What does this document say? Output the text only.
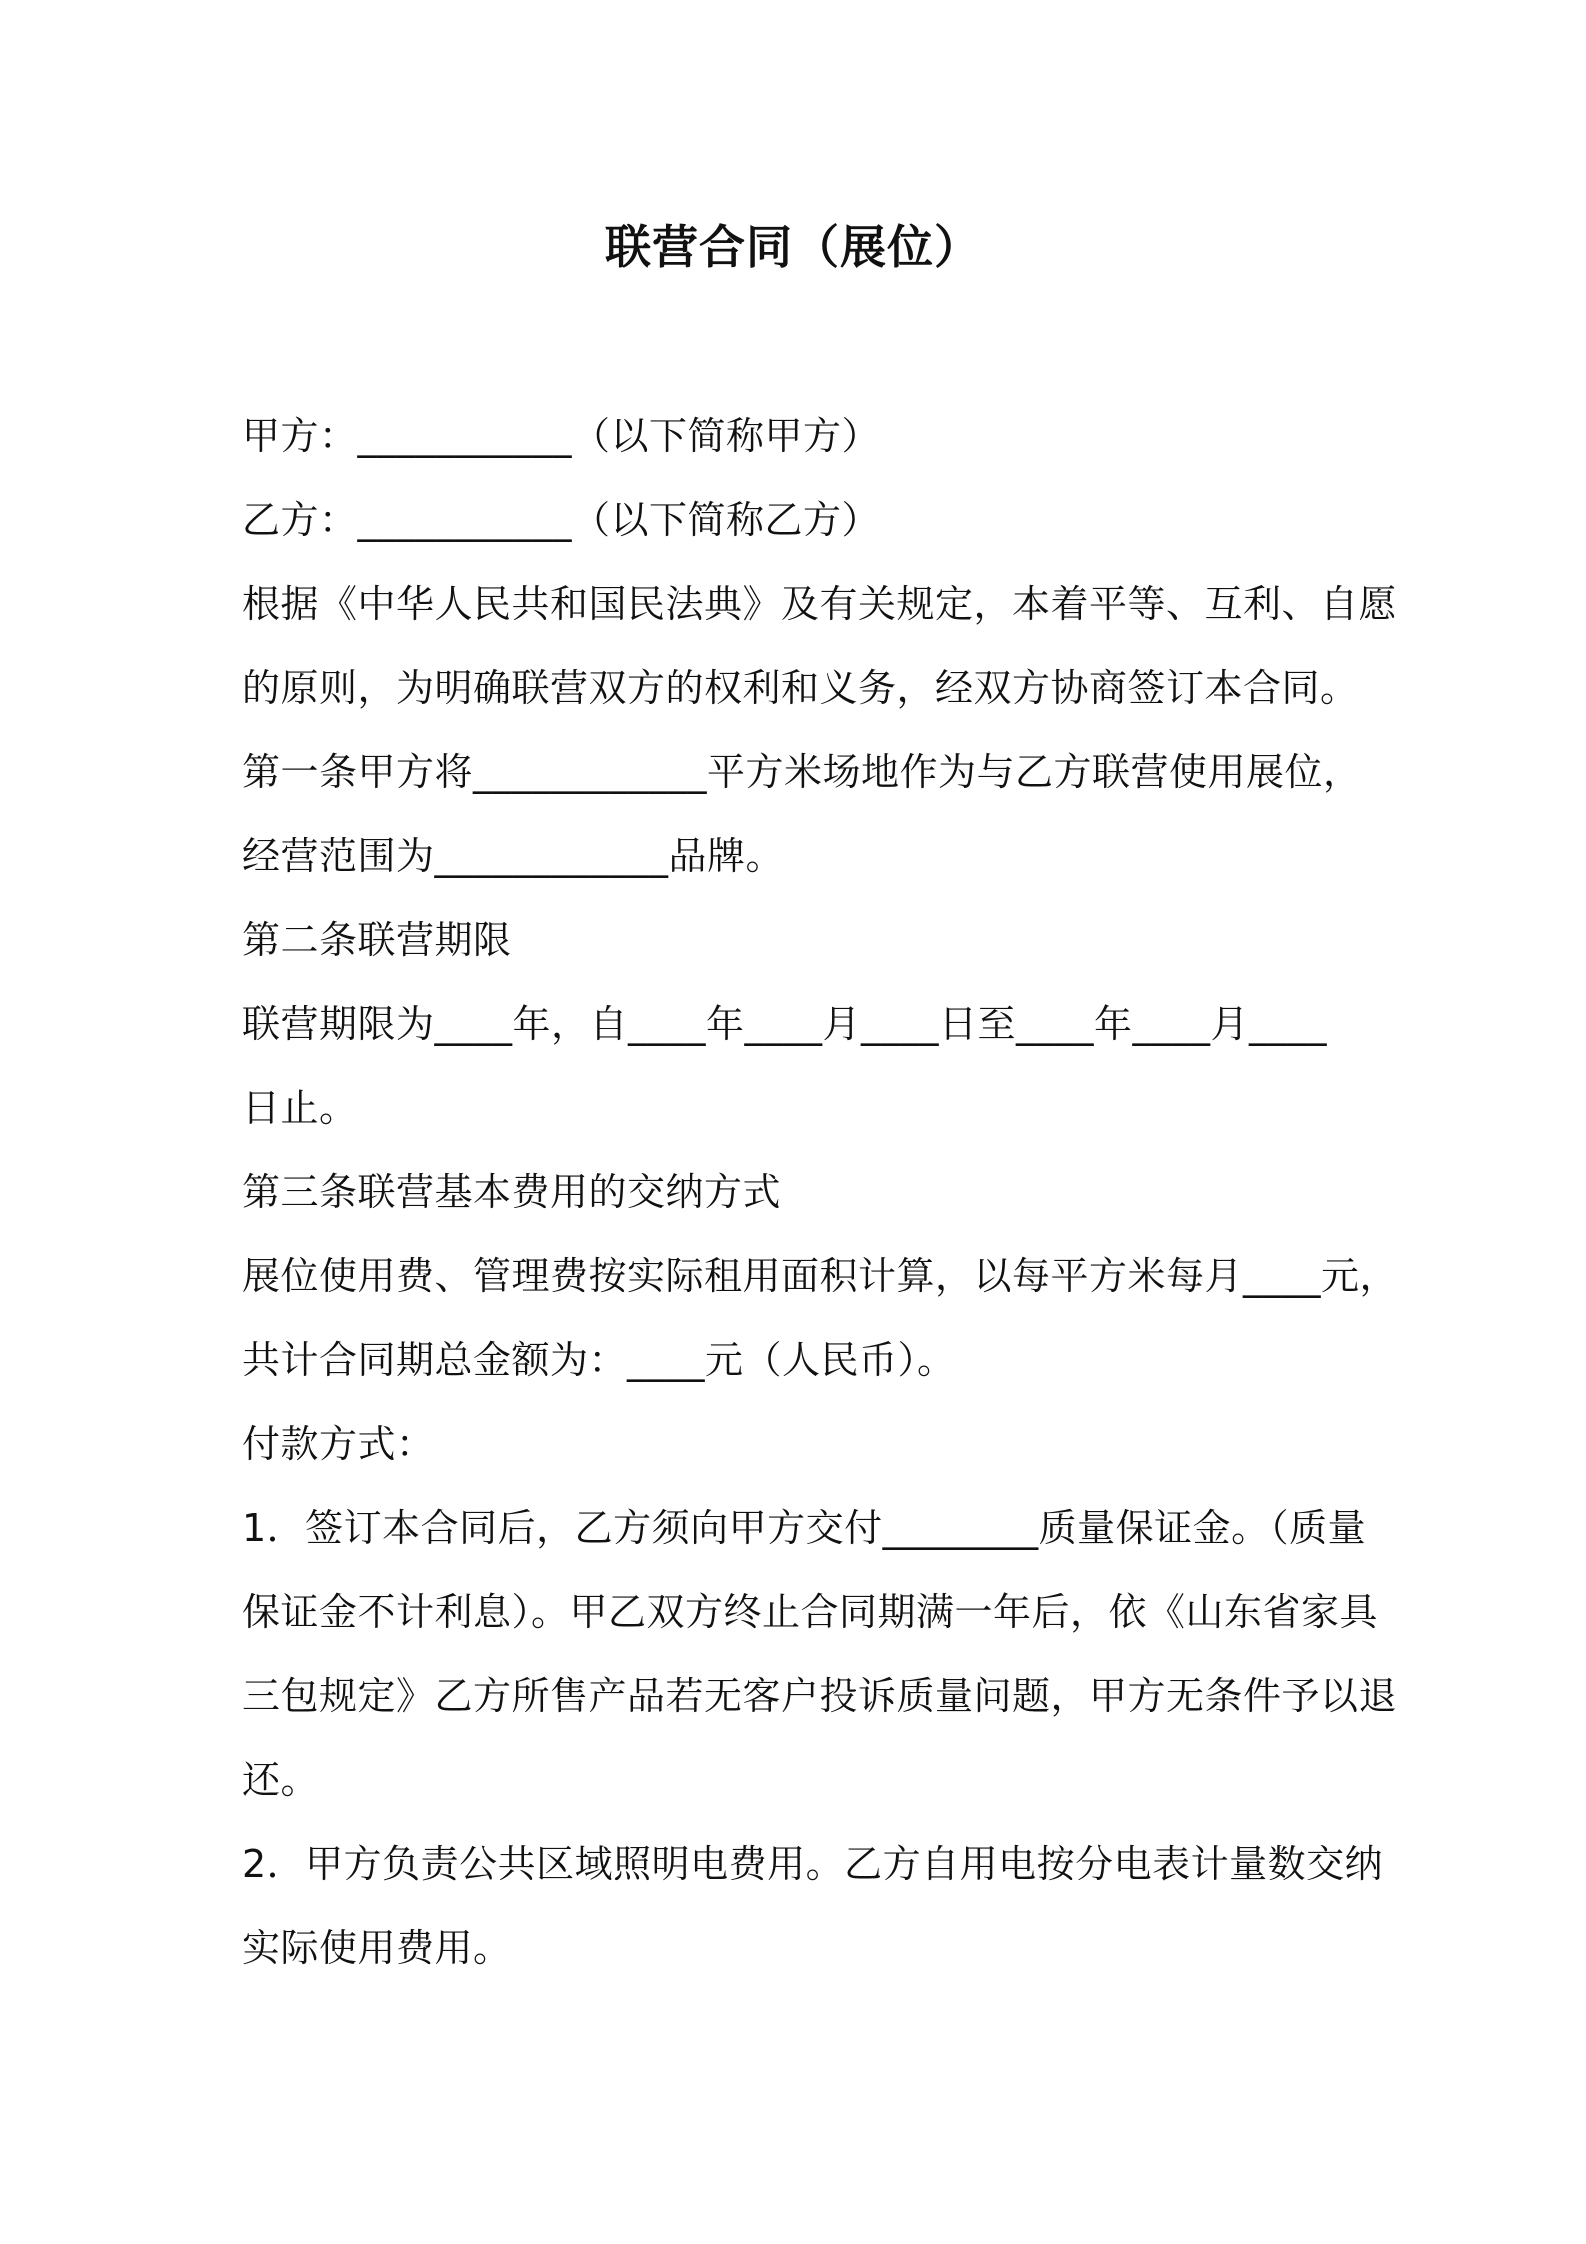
联营合同（展位）
甲方：___________（以下简称甲方）
乙方：___________（以下简称乙方）
根据《中华人民共和国民法典》及有关规定，本着平等、互利、自愿
的原则，为明确联营双方的权利和义务，经双方协商签订本合同。
第一条甲方将____________平方米场地作为与乙方联营使用展位，
经营范围为____________品牌。
第二条联营期限
联营期限为____年，自____年____月____日至____年____月____
日止。
第三条联营基本费用的交纳方式
展位使用费、管理费按实际租用面积计算，以每平方米每月____元，
共计合同期总金额为：____元（人民币）。
付款方式：
1．签订本合同后，乙方须向甲方交付________质量保证金。（质量
保证金不计利息）。甲乙双方终止合同期满一年后，依《山东省家具
三包规定》乙方所售产品若无客户投诉质量问题，甲方无条件予以退
还。
2．甲方负责公共区域照明电费用。乙方自用电按分电表计量数交纳
实际使用费用。
